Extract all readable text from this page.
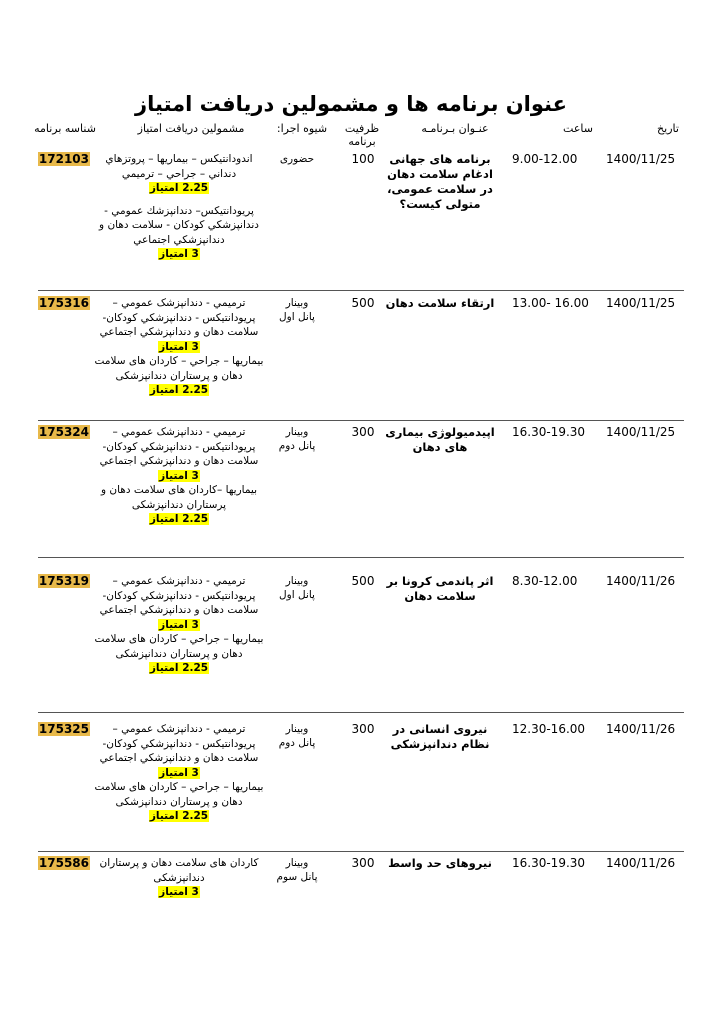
عنوان برنامه ها و مشمولین دریافت امتیاز
تاریخ
ساعت
عنـوان بـرنامـه
ظرفیت
برنامه
شیوه اجرا:
مشمولین دریافت امتیاز
شناسه برنامه
1400/11/25
9.00-12.00
برنامه های جهانی ادغام سلامت دهان در سلامت عمومی، متولی کیست؟
100
حضوری
اندودانتیکس – بیماریها – پروتزهاي دنداني – جراحي – ترميمي
2.25 امتیاز
پريودانتيكس– دندانپزشك عمومي - دندانپزشكي كودكان - سلامت دهان و دندانپزشكي اجتماعي
3 امتیاز
172103
1400/11/25
13.00- 16.00
ارتقاء سلامت دهان
500
وبینار
پانل اول
ترميمي - دندانپزشک عمومي – پريودانتيكس - دندانپزشكي كودكان- سلامت دهان و دندانپزشكي اجتماعي
3 امتیاز
بيماريها – جراحي – كاردان های سلامت دهان و پرستاران دندانپزشكی
2.25 امتیاز
175316
1400/11/25
16.30-19.30
اپیدمیولوژی بیماری های دهان
300
وبینار
پانل دوم
ترميمي - دندانپزشک عمومي – پريودانتيكس - دندانپزشكي كودكان- سلامت دهان و دندانپزشكي اجتماعي
3 امتیاز
بيماريها –كاردان های سلامت دهان و پرستاران دندانپزشكی
2.25 امتیاز
175324
1400/11/26
8.30-12.00
اثر پاندمی کرونا بر سلامت دهان
500
وبینار
پانل اول
ترميمي - دندانپزشک عمومي – پريودانتيكس - دندانپزشكي كودكان- سلامت دهان و دندانپزشكي اجتماعي
3 امتیاز
بيماريها – جراحي – كاردان های سلامت دهان و پرستاران دندانپزشكی
2.25 امتیاز
175319
1400/11/26
12.30-16.00
نیروی انسانی در نظام دندانپزشکی
300
وبینار
پانل دوم
ترميمي - دندانپزشک عمومي – پريودانتيكس - دندانپزشكي كودكان- سلامت دهان و دندانپزشكي اجتماعي
3 امتیاز
بيماريها – جراحي – كاردان های سلامت دهان و پرستاران دندانپزشكی
2.25 امتیاز
175325
1400/11/26
16.30-19.30
نیروهای حد واسط
300
وبینار
پانل سوم
كاردان های سلامت دهان و پرستاران دندانپزشكی
3 امتیاز
175586
